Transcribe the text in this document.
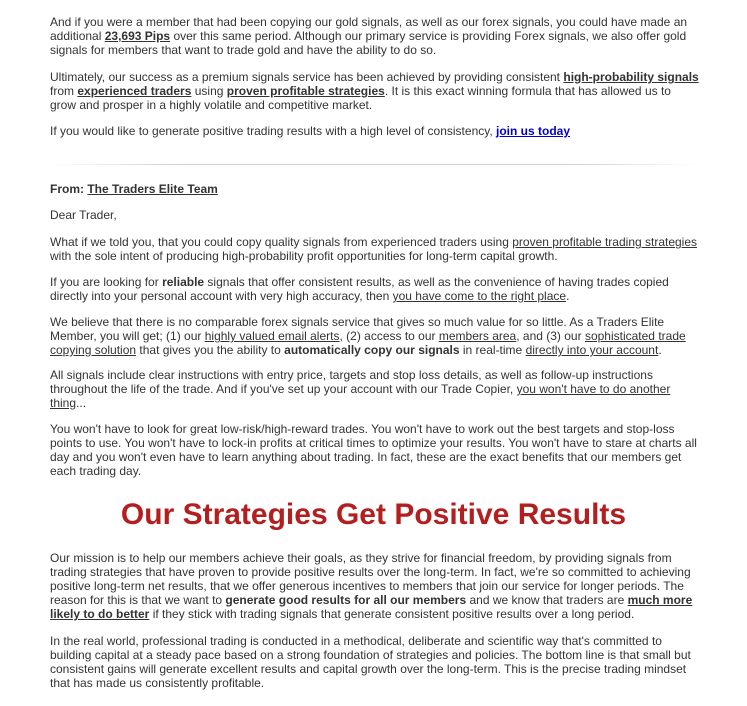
And if you were a member that had been copying our gold signals, as well as our forex signals, you could have made an additional 23,693 Pips over this same period. Although our primary service is providing Forex signals, we also offer gold signals for members that want to trade gold and have the ability to do so.

Ultimately, our success as a premium signals service has been achieved by providing consistent high-probability signals from experienced traders using proven profitable strategies. It is this exact winning formula that has allowed us to grow and prosper in a highly volatile and competitive market.

If you would like to generate positive trading results with a high level of consistency, join us today

From: The Traders Elite Team

Dear Trader,

What if we told you, that you could copy quality signals from experienced traders using proven profitable trading strategies with the sole intent of producing high-probability profit opportunities for long-term capital growth.

If you are looking for reliable signals that offer consistent results, as well as the convenience of having trades copied directly into your personal account with very high accuracy, then you have come to the right place.

We believe that there is no comparable forex signals service that gives so much value for so little. As a Traders Elite Member, you will get; (1) our highly valued email alerts, (2) access to our members area, and (3) our sophisticated trade copying solution that gives you the ability to automatically copy our signals in real-time directly into your account.

All signals include clear instructions with entry price, targets and stop loss details, as well as follow-up instructions throughout the life of the trade. And if you've set up your account with our Trade Copier, you won't have to do another thing...

You won't have to look for great low-risk/high-reward trades. You won't have to work out the best targets and stop-loss points to use. You won't have to lock-in profits at critical times to optimize your results. You won't have to stare at charts all day and you won't even have to learn anything about trading. In fact, these are the exact benefits that our members get each trading day.

Our Strategies Get Positive Results

Our mission is to help our members achieve their goals, as they strive for financial freedom, by providing signals from trading strategies that have proven to provide positive results over the long-term. In fact, we're so committed to achieving positive long-term net results, that we offer generous incentives to members that join our service for longer periods. The reason for this is that we want to generate good results for all our members and we know that traders are much more likely to do better if they stick with trading signals that generate consistent positive results over a long period.

In the real world, professional trading is conducted in a methodical, deliberate and scientific way that's committed to building capital at a steady pace based on a strong foundation of strategies and policies. The bottom line is that small but consistent gains will generate excellent results and capital growth over the long-term. This is the precise trading mindset that has made us consistently profitable.
